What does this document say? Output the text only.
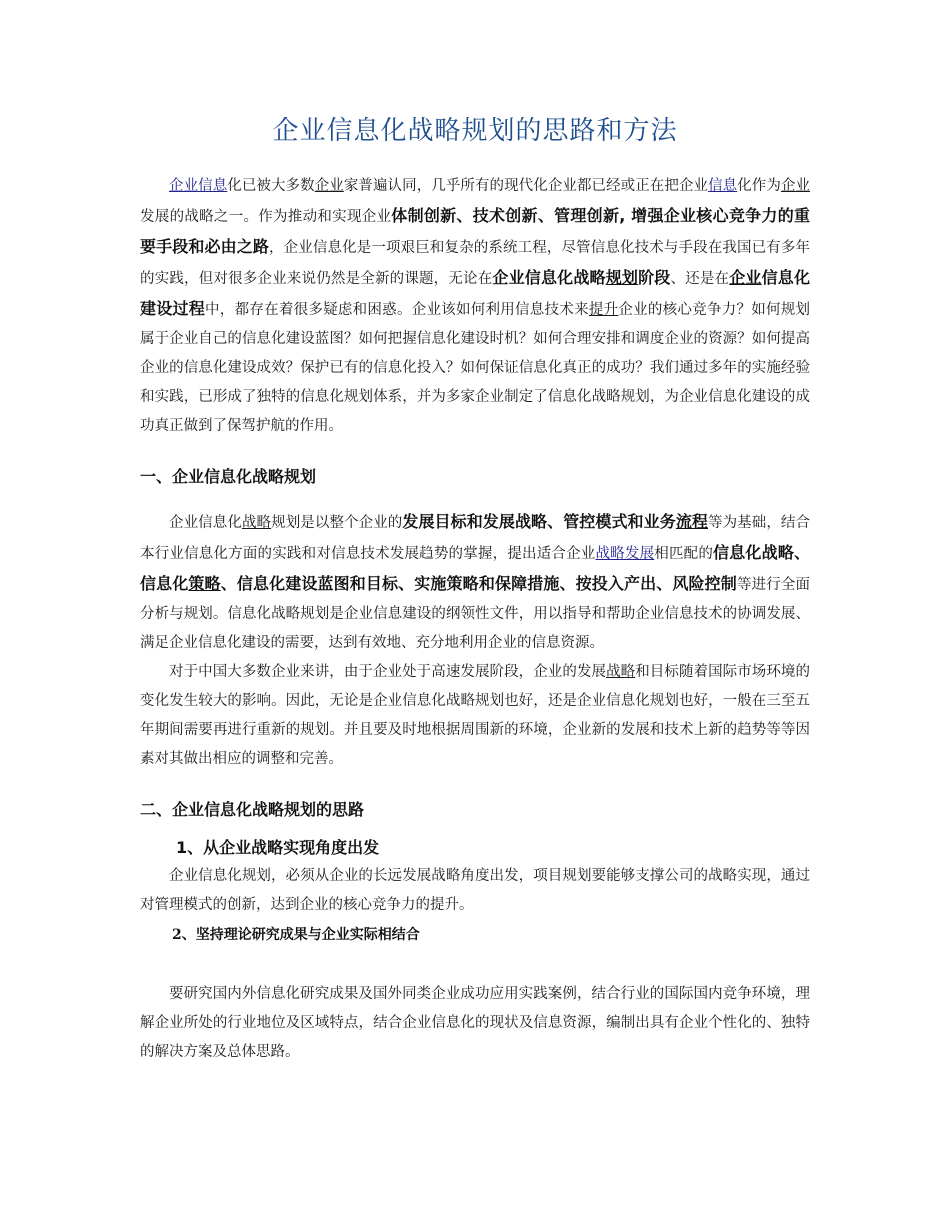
企业信息化战略规划的思路和方法

企业信息化已被大多数企业家普遍认同，几乎所有的现代化企业都已经或正在把企业信息化作为企业发展的战略之一。作为推动和实现企业体制创新、技术创新、管理创新, 增强企业核心竞争力的重要手段和必由之路，企业信息化是一项艰巨和复杂的系统工程，尽管信息化技术与手段在我国已有多年的实践，但对很多企业来说仍然是全新的课题，无论在企业信息化战略规划阶段、还是在企业信息化建设过程中，都存在着很多疑虑和困惑。企业该如何利用信息技术来提升企业的核心竞争力？如何规划属于企业自己的信息化建设蓝图？如何把握信息化建设时机？如何合理安排和调度企业的资源？如何提高企业的信息化建设成效？保护已有的信息化投入？如何保证信息化真正的成功？我们通过多年的实施经验和实践，已形成了独特的信息化规划体系，并为多家企业制定了信息化战略规划，为企业信息化建设的成功真正做到了保驾护航的作用。

一、企业信息化战略规划

企业信息化战略规划是以整个企业的发展目标和发展战略、管控模式和业务流程等为基础，结合本行业信息化方面的实践和对信息技术发展趋势的掌握，提出适合企业战略发展相匹配的信息化战略、信息化策略、信息化建设蓝图和目标、实施策略和保障措施、按投入产出、风险控制等进行全面分析与规划。信息化战略规划是企业信息建设的纲领性文件，用以指导和帮助企业信息技术的协调发展、满足企业信息化建设的需要，达到有效地、充分地利用企业的信息资源。

对于中国大多数企业来讲，由于企业处于高速发展阶段，企业的发展战略和目标随着国际市场环境的变化发生较大的影响。因此，无论是企业信息化战略规划也好，还是企业信息化规划也好，一般在三至五年期间需要再进行重新的规划。并且要及时地根据周围新的环境，企业新的发展和技术上新的趋势等等因素对其做出相应的调整和完善。

二、企业信息化战略规划的思路
1、从企业战略实现角度出发

企业信息化规划，必须从企业的长远发展战略角度出发，项目规划要能够支撑公司的战略实现，通过对管理模式的创新，达到企业的核心竞争力的提升。

2、坚持理论研究成果与企业实际相结合

要研究国内外信息化研究成果及国外同类企业成功应用实践案例，结合行业的国际国内竞争环境，理解企业所处的行业地位及区域特点，结合企业信息化的现状及信息资源，编制出具有企业个性化的、独特的解决方案及总体思路。
